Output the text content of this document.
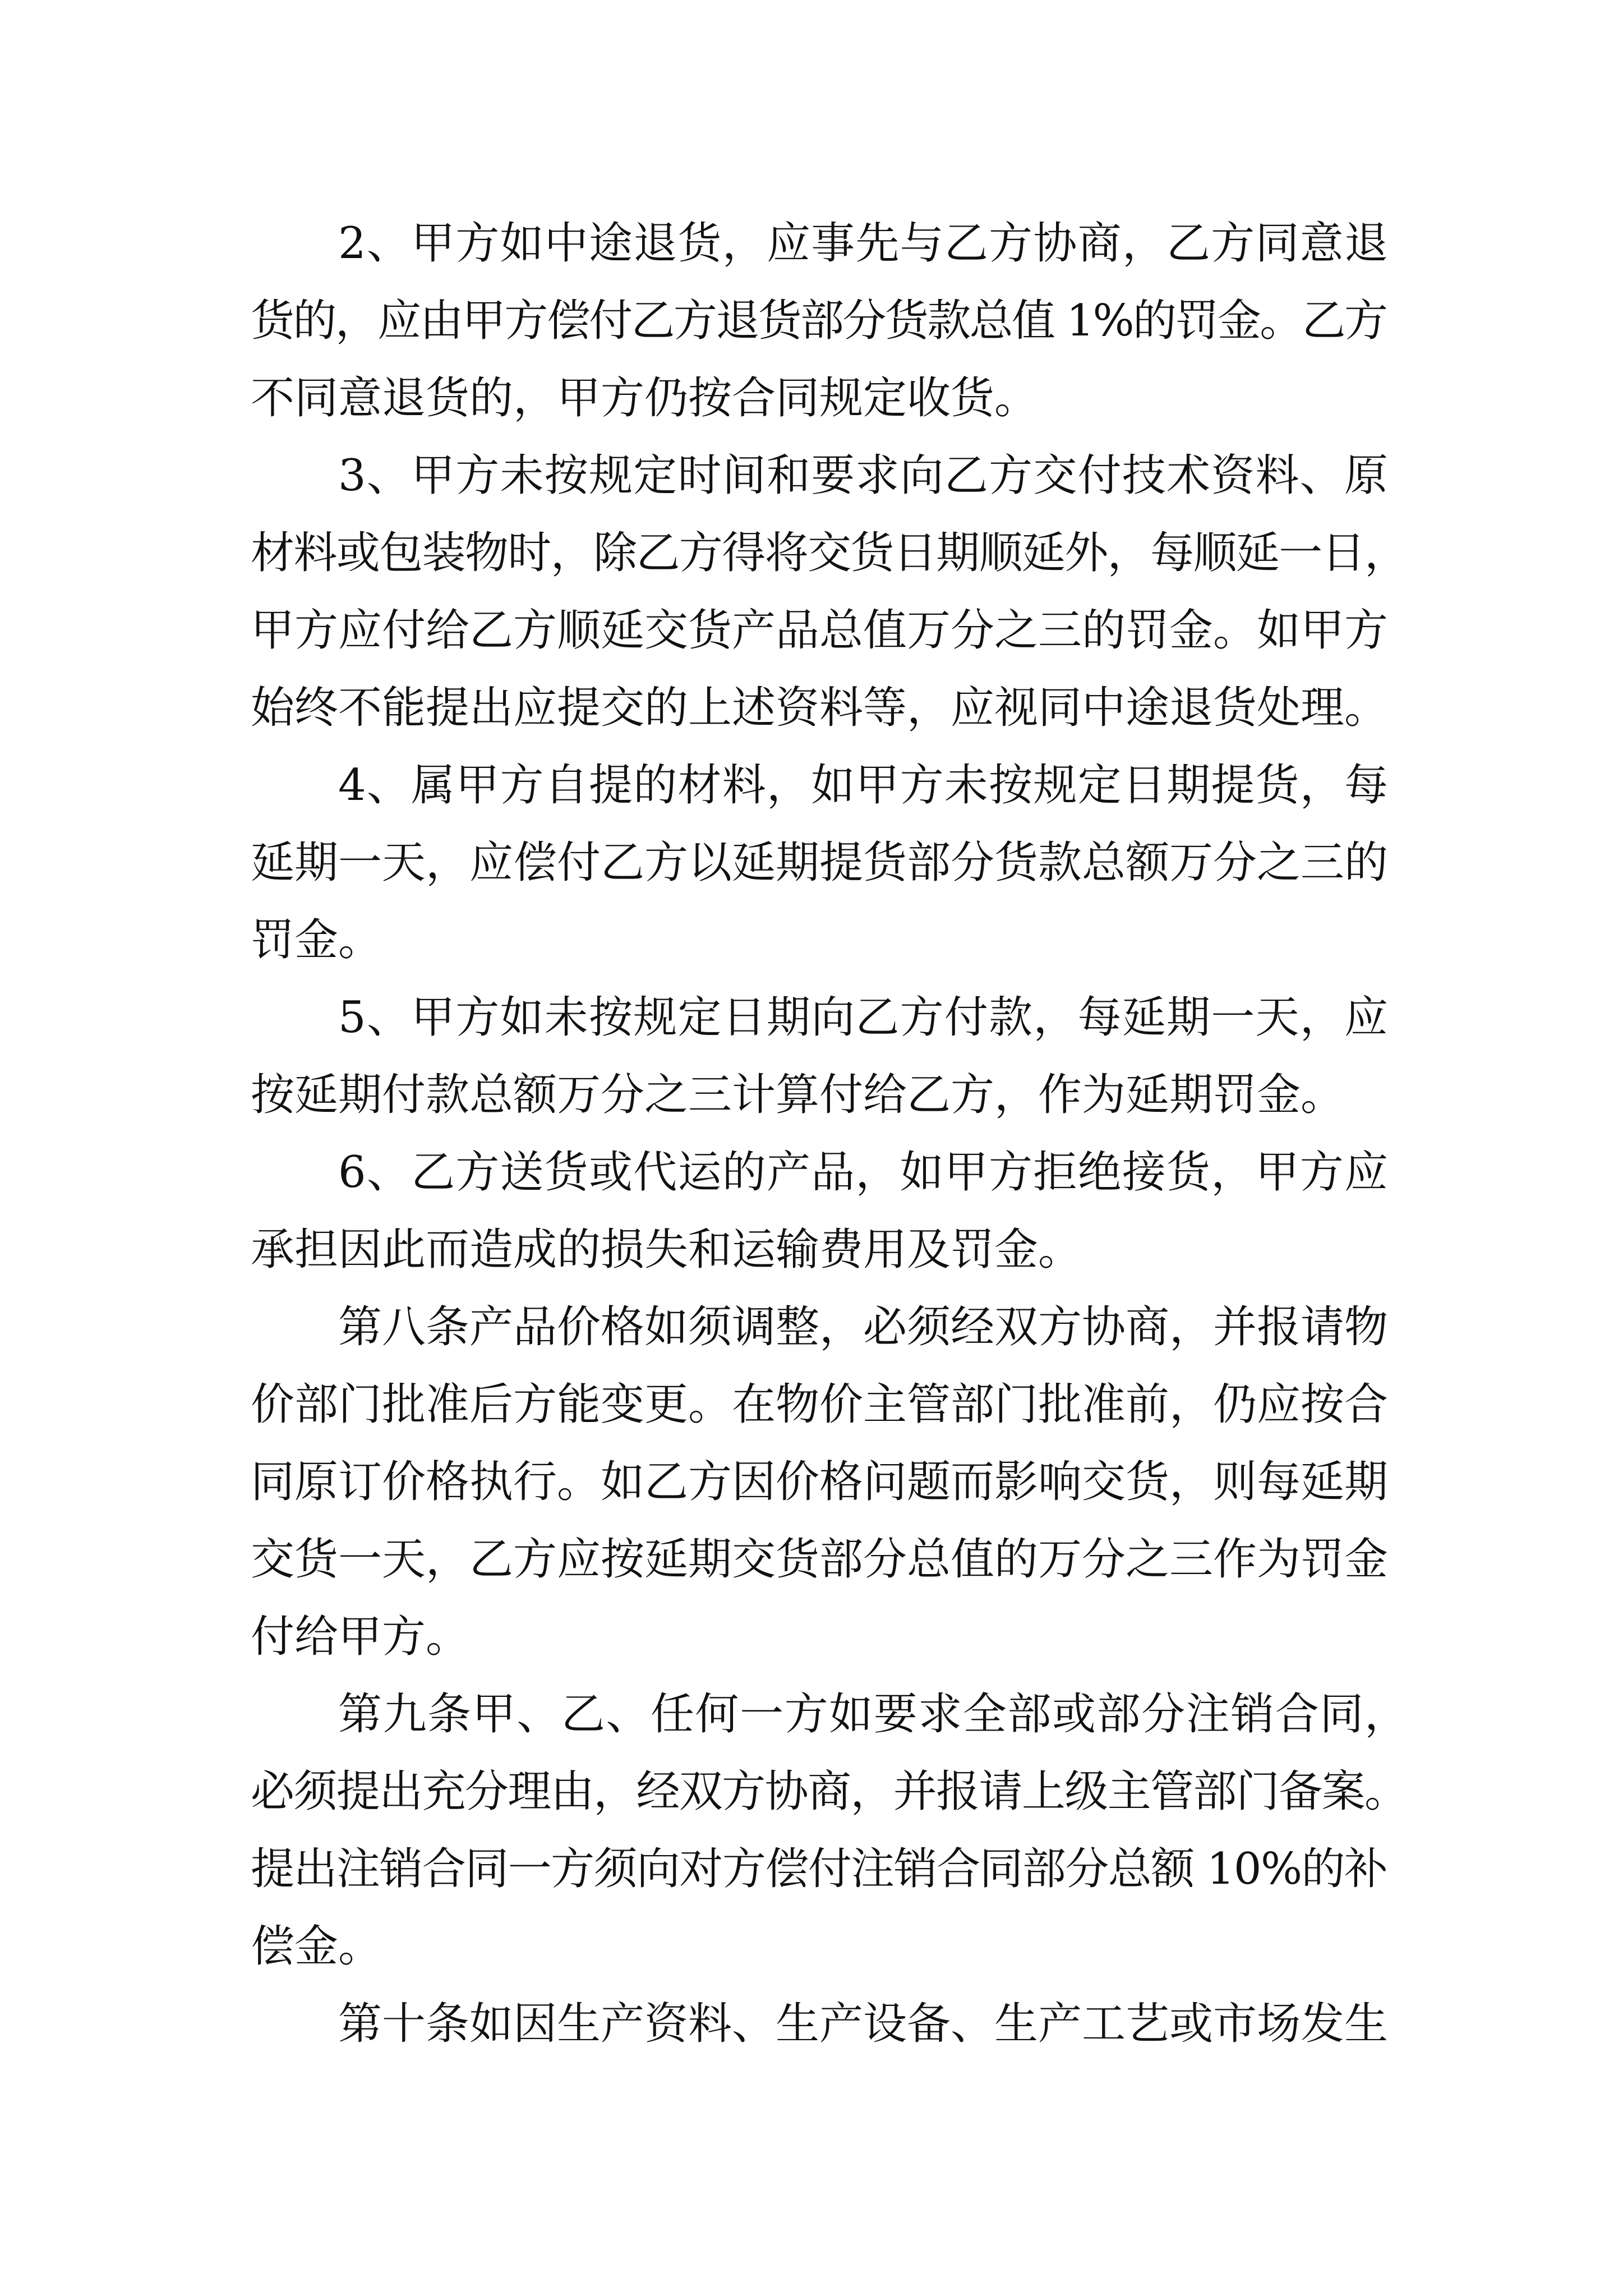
2、甲方如中途退货，应事先与乙方协商，乙方同意退
货的，应由甲方偿付乙方退货部分货款总值 1%的罚金。乙方
不同意退货的，甲方仍按合同规定收货。
3、甲方未按规定时间和要求向乙方交付技术资料、原
材料或包装物时，除乙方得将交货日期顺延外，每顺延一日，
甲方应付给乙方顺延交货产品总值万分之三的罚金。如甲方
始终不能提出应提交的上述资料等，应视同中途退货处理。
4、属甲方自提的材料，如甲方未按规定日期提货，每
延期一天，应偿付乙方以延期提货部分货款总额万分之三的
罚金。
5、甲方如未按规定日期向乙方付款，每延期一天，应
按延期付款总额万分之三计算付给乙方，作为延期罚金。
6、乙方送货或代运的产品，如甲方拒绝接货，甲方应
承担因此而造成的损失和运输费用及罚金。
第八条产品价格如须调整，必须经双方协商，并报请物
价部门批准后方能变更。在物价主管部门批准前，仍应按合
同原订价格执行。如乙方因价格问题而影响交货，则每延期
交货一天，乙方应按延期交货部分总值的万分之三作为罚金
付给甲方。
第九条甲、乙、任何一方如要求全部或部分注销合同，
必须提出充分理由，经双方协商，并报请上级主管部门备案。
提出注销合同一方须向对方偿付注销合同部分总额 10%的补
偿金。
第十条如因生产资料、生产设备、生产工艺或市场发生
